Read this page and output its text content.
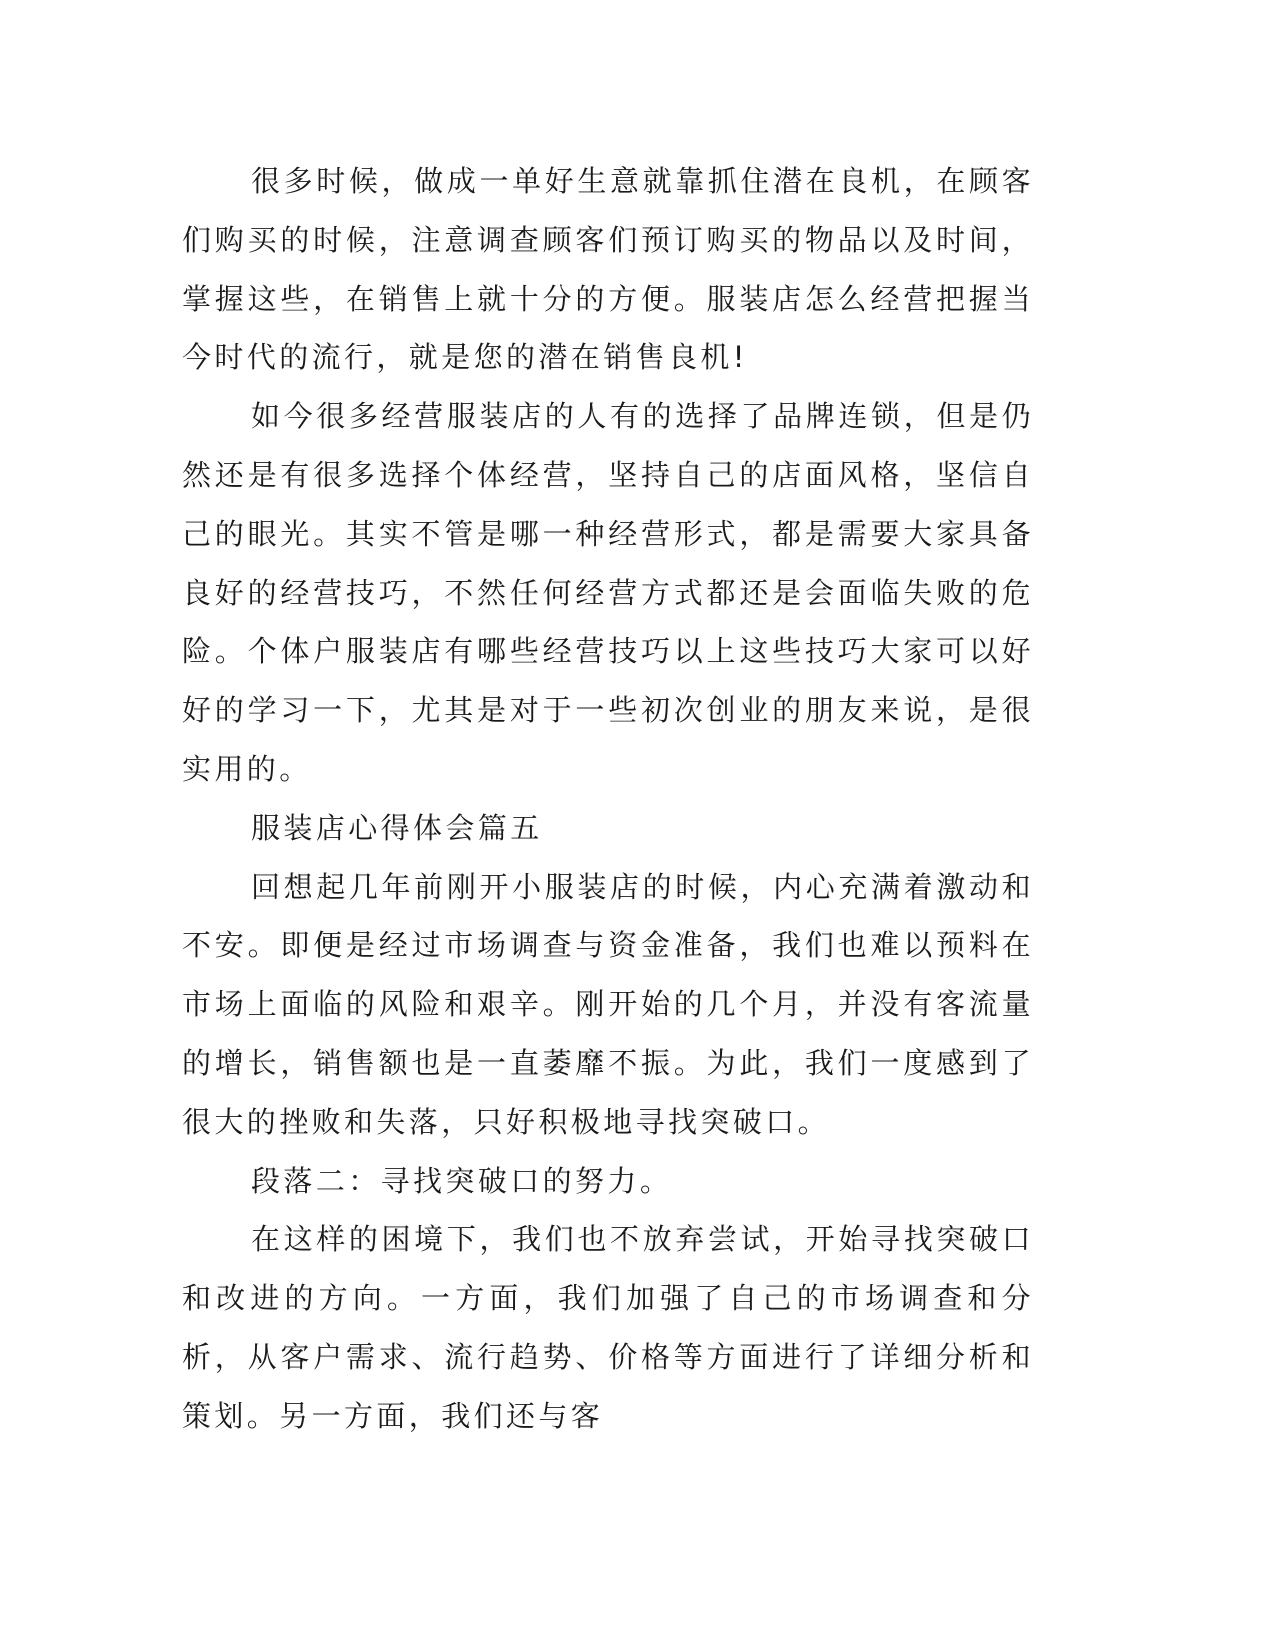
很多时候，做成一单好生意就靠抓住潜在良机，在顾客们购买的时候，注意调查顾客们预订购买的物品以及时间，掌握这些，在销售上就十分的方便。服装店怎么经营把握当今时代的流行，就是您的潜在销售良机!

如今很多经营服装店的人有的选择了品牌连锁，但是仍然还是有很多选择个体经营，坚持自己的店面风格，坚信自己的眼光。其实不管是哪一种经营形式，都是需要大家具备良好的经营技巧，不然任何经营方式都还是会面临失败的危险。个体户服装店有哪些经营技巧以上这些技巧大家可以好好的学习一下，尤其是对于一些初次创业的朋友来说，是很实用的。

服装店心得体会篇五

回想起几年前刚开小服装店的时候，内心充满着激动和不安。即便是经过市场调查与资金准备，我们也难以预料在市场上面临的风险和艰辛。刚开始的几个月，并没有客流量的增长，销售额也是一直萎靡不振。为此，我们一度感到了很大的挫败和失落，只好积极地寻找突破口。

段落二：寻找突破口的努力。

在这样的困境下，我们也不放弃尝试，开始寻找突破口和改进的方向。一方面，我们加强了自己的市场调查和分析，从客户需求、流行趋势、价格等方面进行了详细分析和策划。另一方面，我们还与客
